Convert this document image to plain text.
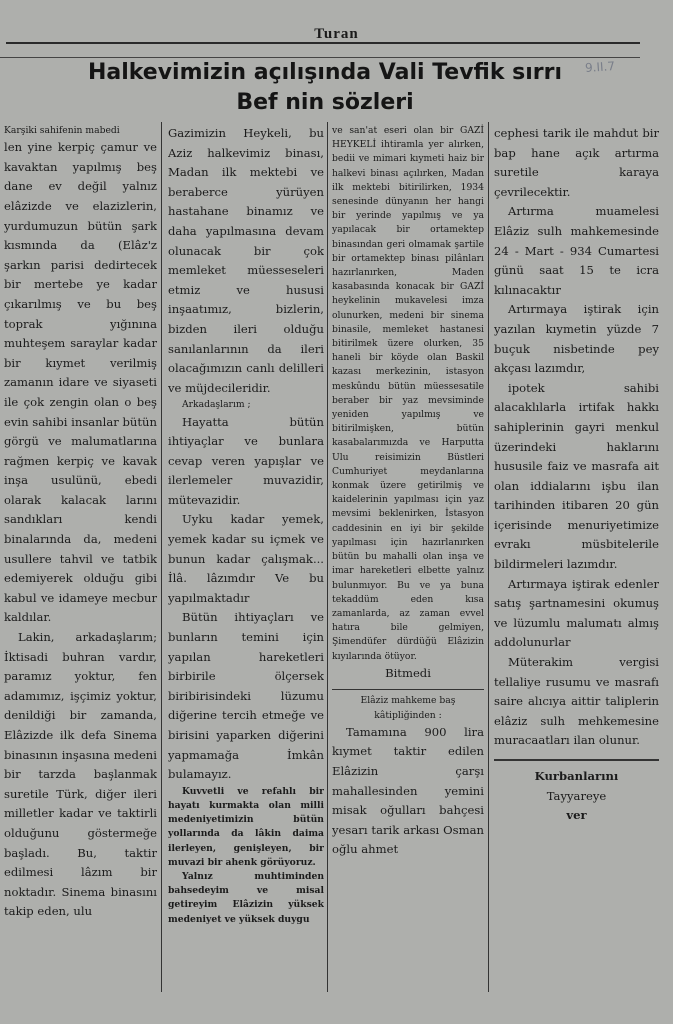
Turan
Halkevimizin açılışında Vali Tevfik sırrı
Bef nin sözleri
9.II.7

Karşiki sahifenin mabedi

len yine kerpiç çamur ve kavaktan yapılmış beş dane ev değil yalnız elâzizde ve elazizlerin, yurdumuzun bütün şark kısmında da (Elâz'z şarkın parisi dedirtecek bir mertebe ye kadar çıkarılmış ve bu beş toprak yığınına muhteşem saraylar kadar bir kıymet verilmiş zamanın idare ve siyaseti ile çok zengin olan o beş evin sahibi insanlar bütün görgü ve malumatlarına rağmen kerpiç ve kavak inşa usulünü, ebedi olarak kalacak larını sandıkları kendi binalarında da, medeni usullere tahvil ve tatbik edemiyerek olduğu gibi kabul ve idameye mecbur kaldılar.

Lakin, arkadaşlarım; İktisadi buhran vardır, paramız yoktur, fen adamımız, işçimiz yoktur, denildiği bir zamanda, Elâzizde ilk defa Sinema binasının inşasına medeni bir tarzda başlanmak suretile Türk, diğer ileri milletler kadar ve taktirli olduğunu göstermeğe başladı. Bu, taktir edilmesi lâzım bir noktadır. Sinema binasını takip eden, ulu

Gazimizin Heykeli, bu Aziz halkevimiz binası, Madan ilk mektebi ve beraberce yürüyen hastahane binamız ve daha yapılmasına devam olunacak bir çok memleket müesseseleri etmiz ve hususi inşaatımız, bizlerin, bizden ileri olduğu sanılanlarının da ileri olacağımızın canlı delilleri ve müjdecileridir.

Arkadaşlarım ;

Hayatta bütün ihtiyaçlar ve bunlara cevap veren yapışlar ve ilerlemeler muvazidir, mütevazidir.

Uyku kadar yemek, yemek kadar su içmek ve bunun kadar çalışmak... İlâ. lâzımdır Ve bu yapılmaktadır

Bütün ihtiyaçları ve bunların temini için yapılan hareketleri birbirile ölçersek biribirisindeki lüzumu diğerine tercih etmeğe ve birisini yaparken diğerini yapmamağa İmkân bulamayız.

Kuvvetli ve refahlı bir hayatı kurmakta olan milli medeniyetimizin bütün yollarında da lâkin daima ilerleyen, genişleyen, bir muvazi bir ahenk görüyoruz.

Yalnız muhtiminden bahsedeyim ve misal getireyim Elâzizin yüksek medeniyet ve yüksek duygu

ve san'at eseri olan bir GAZİ HEYKELİ ihtiramla yer alırken, bedii ve mimari kıymeti haiz bir halkevi binası açılırken, Madan ilk mektebi bitirilirken, 1934 senesinde dünyanın her hangi bir yerinde yapılmış ve ya yapılacak bir ortamektep binasından geri olmamak şartile bir ortamektep binası pilânları hazırlanırken, Maden kasabasında konacak bir GAZİ heykelinin mukavelesi imza olunurken, medeni bir sinema binasile, memleket hastanesi bitirilmek üzere olurken, 35 haneli bir köyde olan Baskil kazası merkezinin, istasyon meskûndu bütün müessesatile beraber bir yaz mevsiminde yeniden yapılmış ve bitirilmişken, bütün kasabalarımızda ve Harputta Ulu reisimizin Büstleri Cumhuriyet meydanlarına konmak üzere getirilmiş ve kaidelerinin yapılması için yaz mevsimi beklenirken, İstasyon caddesinin en iyi bir şekilde yapılması için hazırlanırken bütün bu mahalli olan inşa ve imar hareketleri elbette yalnız bulunmıyor. Bu ve ya buna tekaddüm eden kısa zamanlarda, az zaman evvel hatıra bile gelmiyen, Şimendüfer dürdüğü Elâzizin kıyılarında ötüyor.

Bitmedi

Elâziz mahkeme baş kâtipliğinden :

Tamamına 900 lira kıymet taktir edilen Elâzizin çarşı mahallesinden yemini misak oğulları bahçesi yesarı tarik arkası Osman oğlu ahmet

cephesi tarik ile mahdut bir bap hane açık artırma suretile karaya çevrilecektir.

Artırma muamelesi Elâziz sulh mahkemesinde 24 - Mart - 934 Cumartesi günü saat 15 te icra kılınacaktır

Artırmaya iştirak için yazılan kıymetin yüzde 7 buçuk nisbetinde pey akçası lazımdır,

ipotek sahibi alacaklılarla irtifak hakkı sahiplerinin gayri menkul üzerindeki haklarını hususile faiz ve masrafa ait olan iddialarını işbu ilan tarihinden itibaren 20 gün içerisinde menuriyetimize evrakı müsbitelerile bildirmeleri lazımdır.

Artırmaya iştirak edenler satış şartnamesini okumuş ve lüzumlu malumatı almış addolunurlar

Müterakim vergisi tellaliye rusumu ve masrafı saire alıcıya aittir taliplerin elâziz sulh mehkemesine muracaatları ilan olunur.

Kurbanlarını

Tayyareye

ver
